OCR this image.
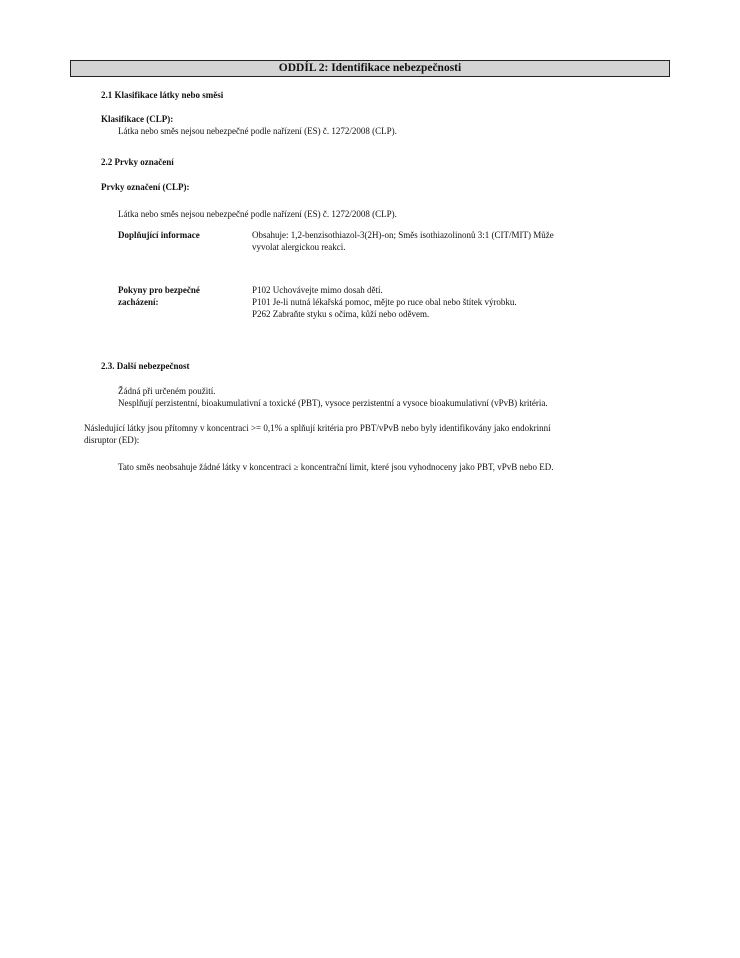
ODDÍL 2: Identifikace nebezpečnosti
2.1 Klasifikace látky nebo směsi
Klasifikace (CLP):
Látka nebo směs nejsou nebezpečné podle nařízení (ES) č. 1272/2008 (CLP).
2.2 Prvky označení
Prvky označení (CLP):
Látka nebo směs nejsou nebezpečné podle nařízení (ES) č. 1272/2008 (CLP).
Doplňující informace	Obsahuje: 1,2-benzisothiazol-3(2H)-on; Směs isothiazolinonů 3:1 (CIT/MIT) Může
vyvolat alergickou reakci.
Pokyny pro bezpečné
zacházení:
P102 Uchovávejte mimo dosah dětí.
P101 Je-li nutná lékařská pomoc, mějte po ruce obal nebo štítek výrobku.
P262 Zabraňte styku s očima, kůží nebo oděvem.
2.3. Další nebezpečnost
Žádná při určeném použití.
Nesplňují perzistentní, bioakumulativní a toxické (PBT), vysoce perzistentní a vysoce bioakumulativní (vPvB) kritéria.
Následující látky jsou přítomny v koncentraci >= 0,1% a splňují kritéria pro PBT/vPvB nebo byly identifikovány jako endokrinní
disruptor (ED):
Tato směs neobsahuje žádné látky v koncentraci ≥ koncentrační limit, které jsou vyhodnoceny jako PBT, vPvB nebo ED.
